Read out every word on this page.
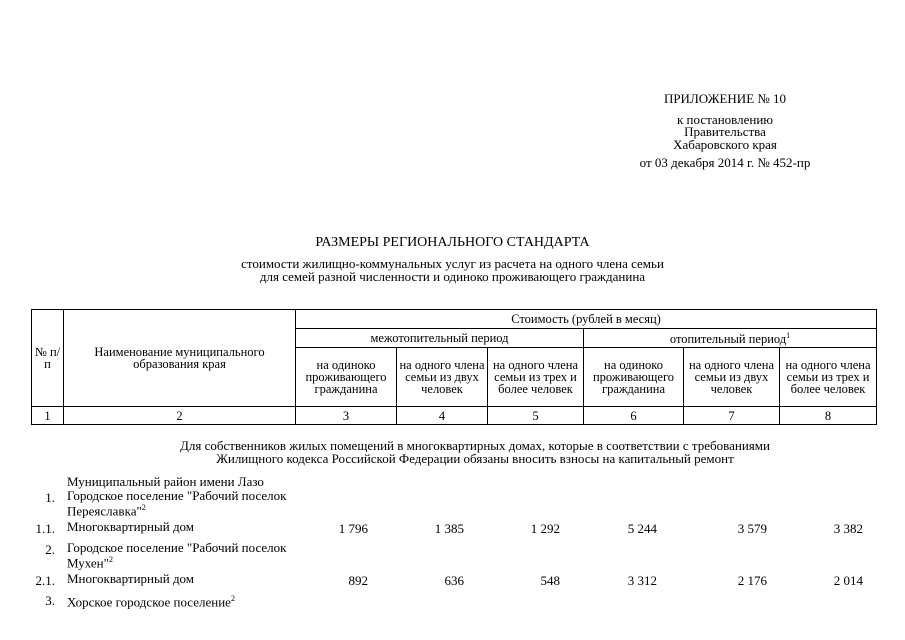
ПРИЛОЖЕНИЕ № 10
к постановлению
Правительства
Хабаровского края
от 03 декабря 2014 г. № 452-пр
РАЗМЕРЫ РЕГИОНАЛЬНОГО СТАНДАРТА
стоимости жилищно-коммунальных услуг из расчета на одного члена семьи
для семей разной численности и одиноко проживающего гражданина
№ п/п	Наименование муниципального образования края	Стоимость (рублей в месяц)					
		межотопительный период			отопительный период$^1$
		на одиноко проживающего гражданина	на одного члена семьи из двух человек	на одного члена семьи из трех и более человек	на одиноко проживающего гражданина	на одного члена семьи из двух человек	на одного члена семьи из трех и более человек
1	2	3	4	5	6	7	8
Для собственников жилых помещений в многоквартирных домах, которые в соответствии с требованиями
Жилищного кодекса Российской Федерации обязаны вносить взносы на капитальный ремонт
Муниципальный район имени Лазо
1. Городское поселение "Рабочий поселок Переяславка"$^2$
1.1. Многоквартирный дом	1 796	1 385	1 292	5 244	3 579	3 382
2. Городское поселение "Рабочий поселок Мухен"$^2$
2.1. Многоквартирный дом	892	636	548	3 312	2 176	2 014
3. Хорское городское поселение$^2$
